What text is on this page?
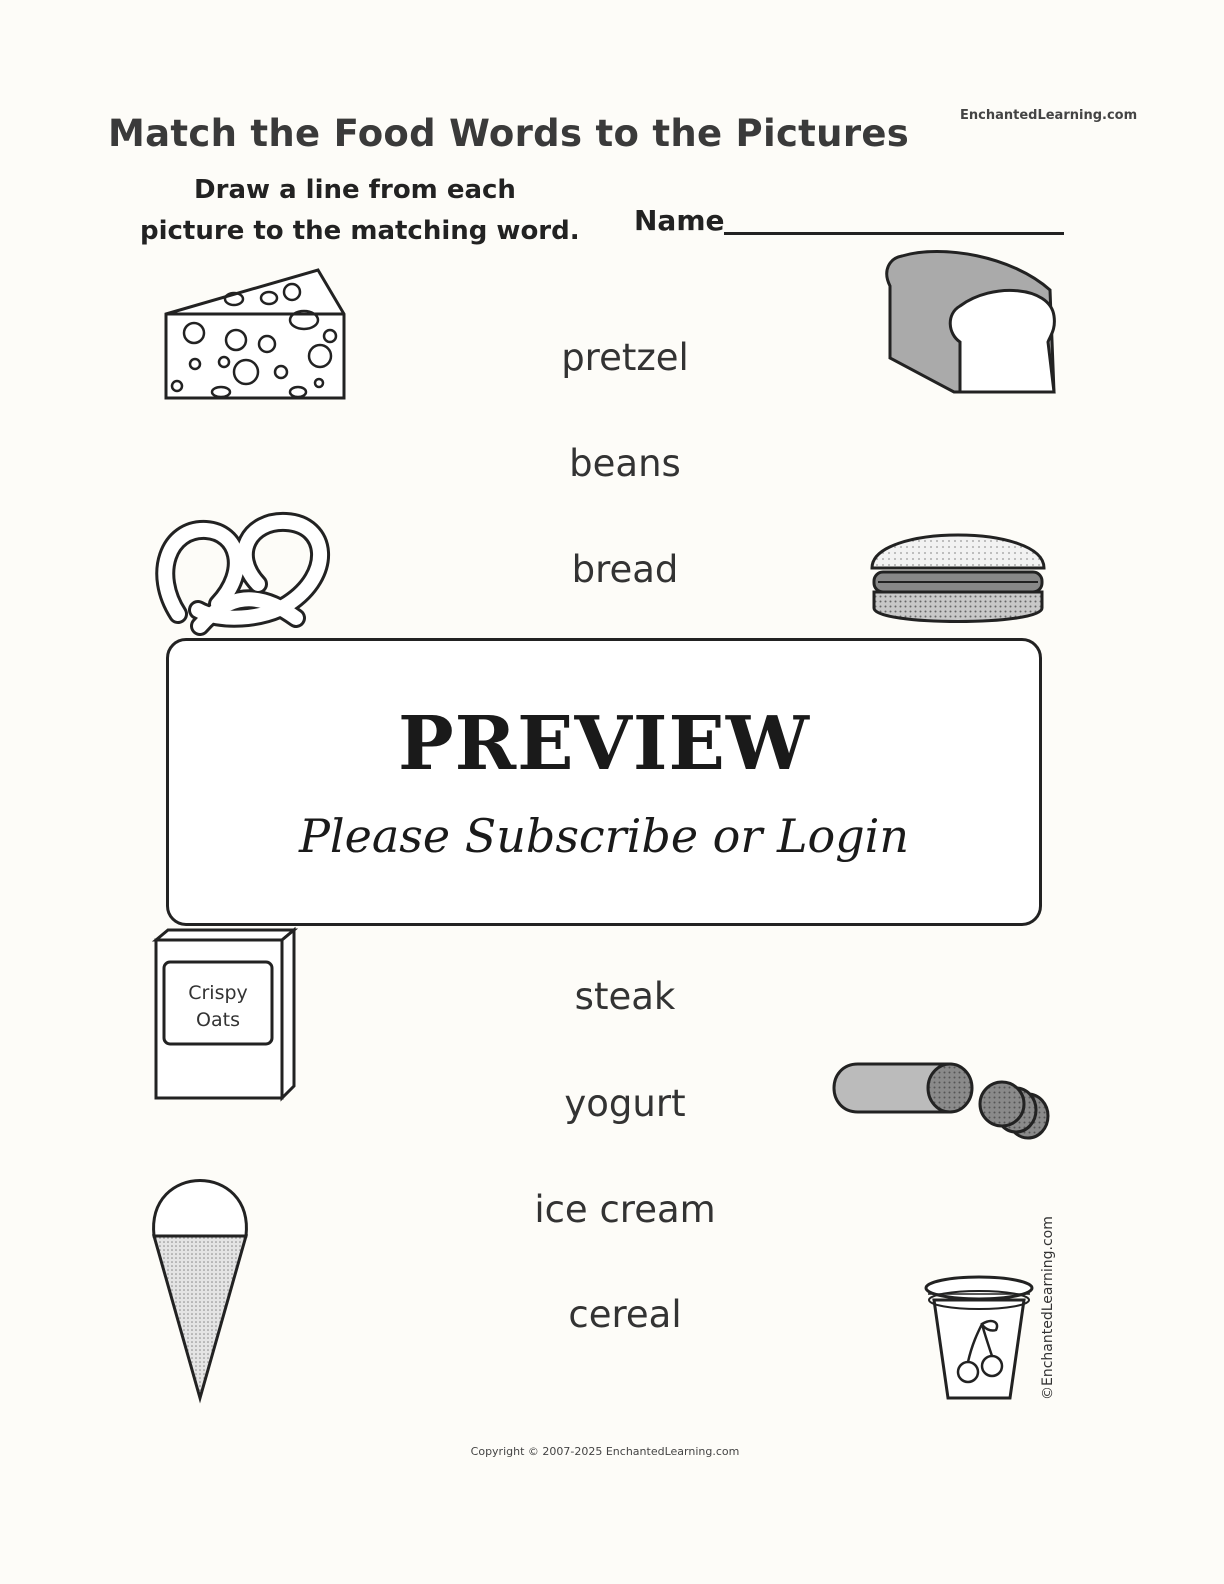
Match the Food Words to the Pictures	EnchantedLearning.com
Draw a line from each
picture to the matching word. Name
pretzel
beans
bread
steak
yogurt
ice cream
cereal
Crispy
Oats
PREVIEW
Please Subscribe or Login
©EnchantedLearning.com
Copyright © 2007-2025 EnchantedLearning.com
